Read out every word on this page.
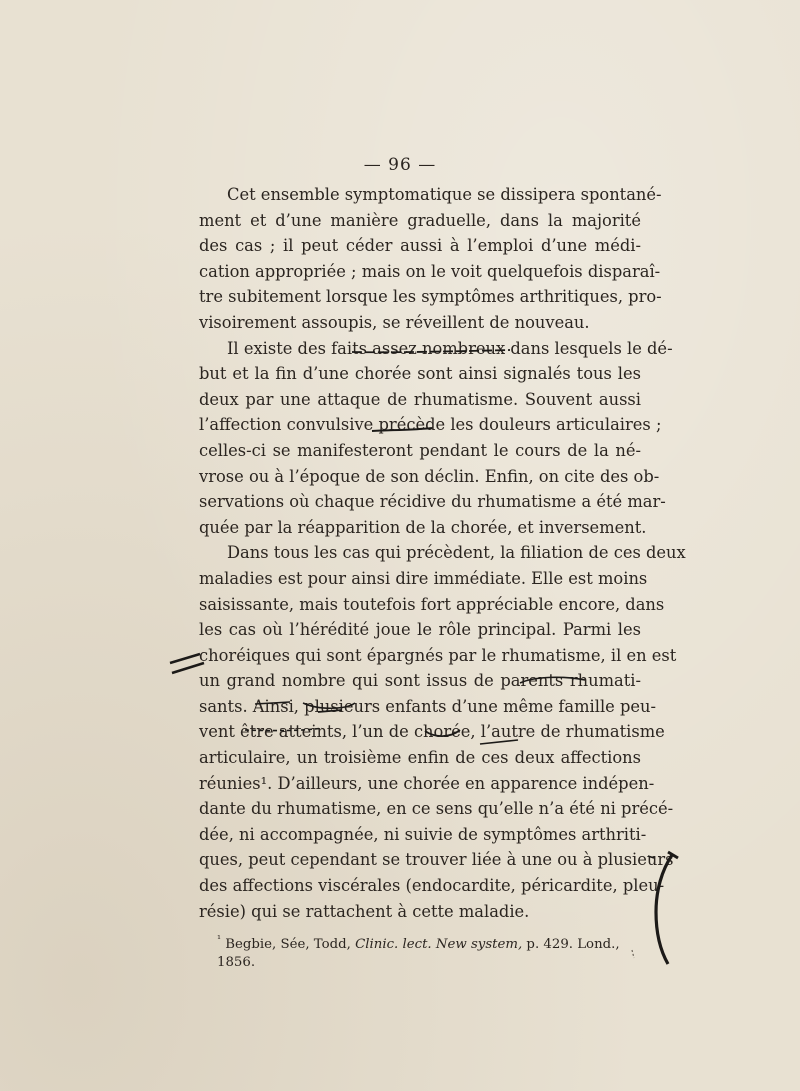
— 96 —

Cet ensemble symptomatique se dissipera spontané-
ment et d’une manière graduelle, dans la majorité
des cas ; il peut céder aussi à l’emploi d’une médi-
cation appropriée ; mais on le voit quelquefois disparaî-
tre subitement lorsque les symptômes arthritiques, pro-
visoirement assoupis, se réveillent de nouveau.

Il existe des faits assez nombreux dans lesquels le dé-
but et la fin d’une chorée sont ainsi signalés tous les
deux par une attaque de rhumatisme. Souvent aussi
l’affection convulsive précède les douleurs articulaires ;
celles-ci se manifesteront pendant le cours de la né-
vrose ou à l’époque de son déclin. Enfin, on cite des ob-
servations où chaque récidive du rhumatisme a été mar-
quée par la réapparition de la chorée, et inversement.

Dans tous les cas qui précèdent, la filiation de ces deux
maladies est pour ainsi dire immédiate. Elle est moins
saisissante, mais toutefois fort appréciable encore, dans
les cas où l’hérédité joue le rôle principal. Parmi les
choréiques qui sont épargnés par le rhumatisme, il en est
un grand nombre qui sont issus de parents rhumati-
sants. Ainsi, plusieurs enfants d’une même famille peu-
vent être atteints, l’un de chorée, l’autre de rhumatisme
articulaire, un troisième enfin de ces deux affections
réunies¹. D’ailleurs, une chorée en apparence indépen-
dante du rhumatisme, en ce sens qu’elle n’a été ni précé-
dée, ni accompagnée, ni suivie de symptômes arthriti-
ques, peut cependant se trouver liée à une ou à plusieurs
des affections viscérales (endocardite, péricardite, pleu-
résie) qui se rattachent à cette maladie.

$^{^1}$ Begbie, Sée, Todd, Clinic. lect. New system, p. 429. Lond., 1856.
